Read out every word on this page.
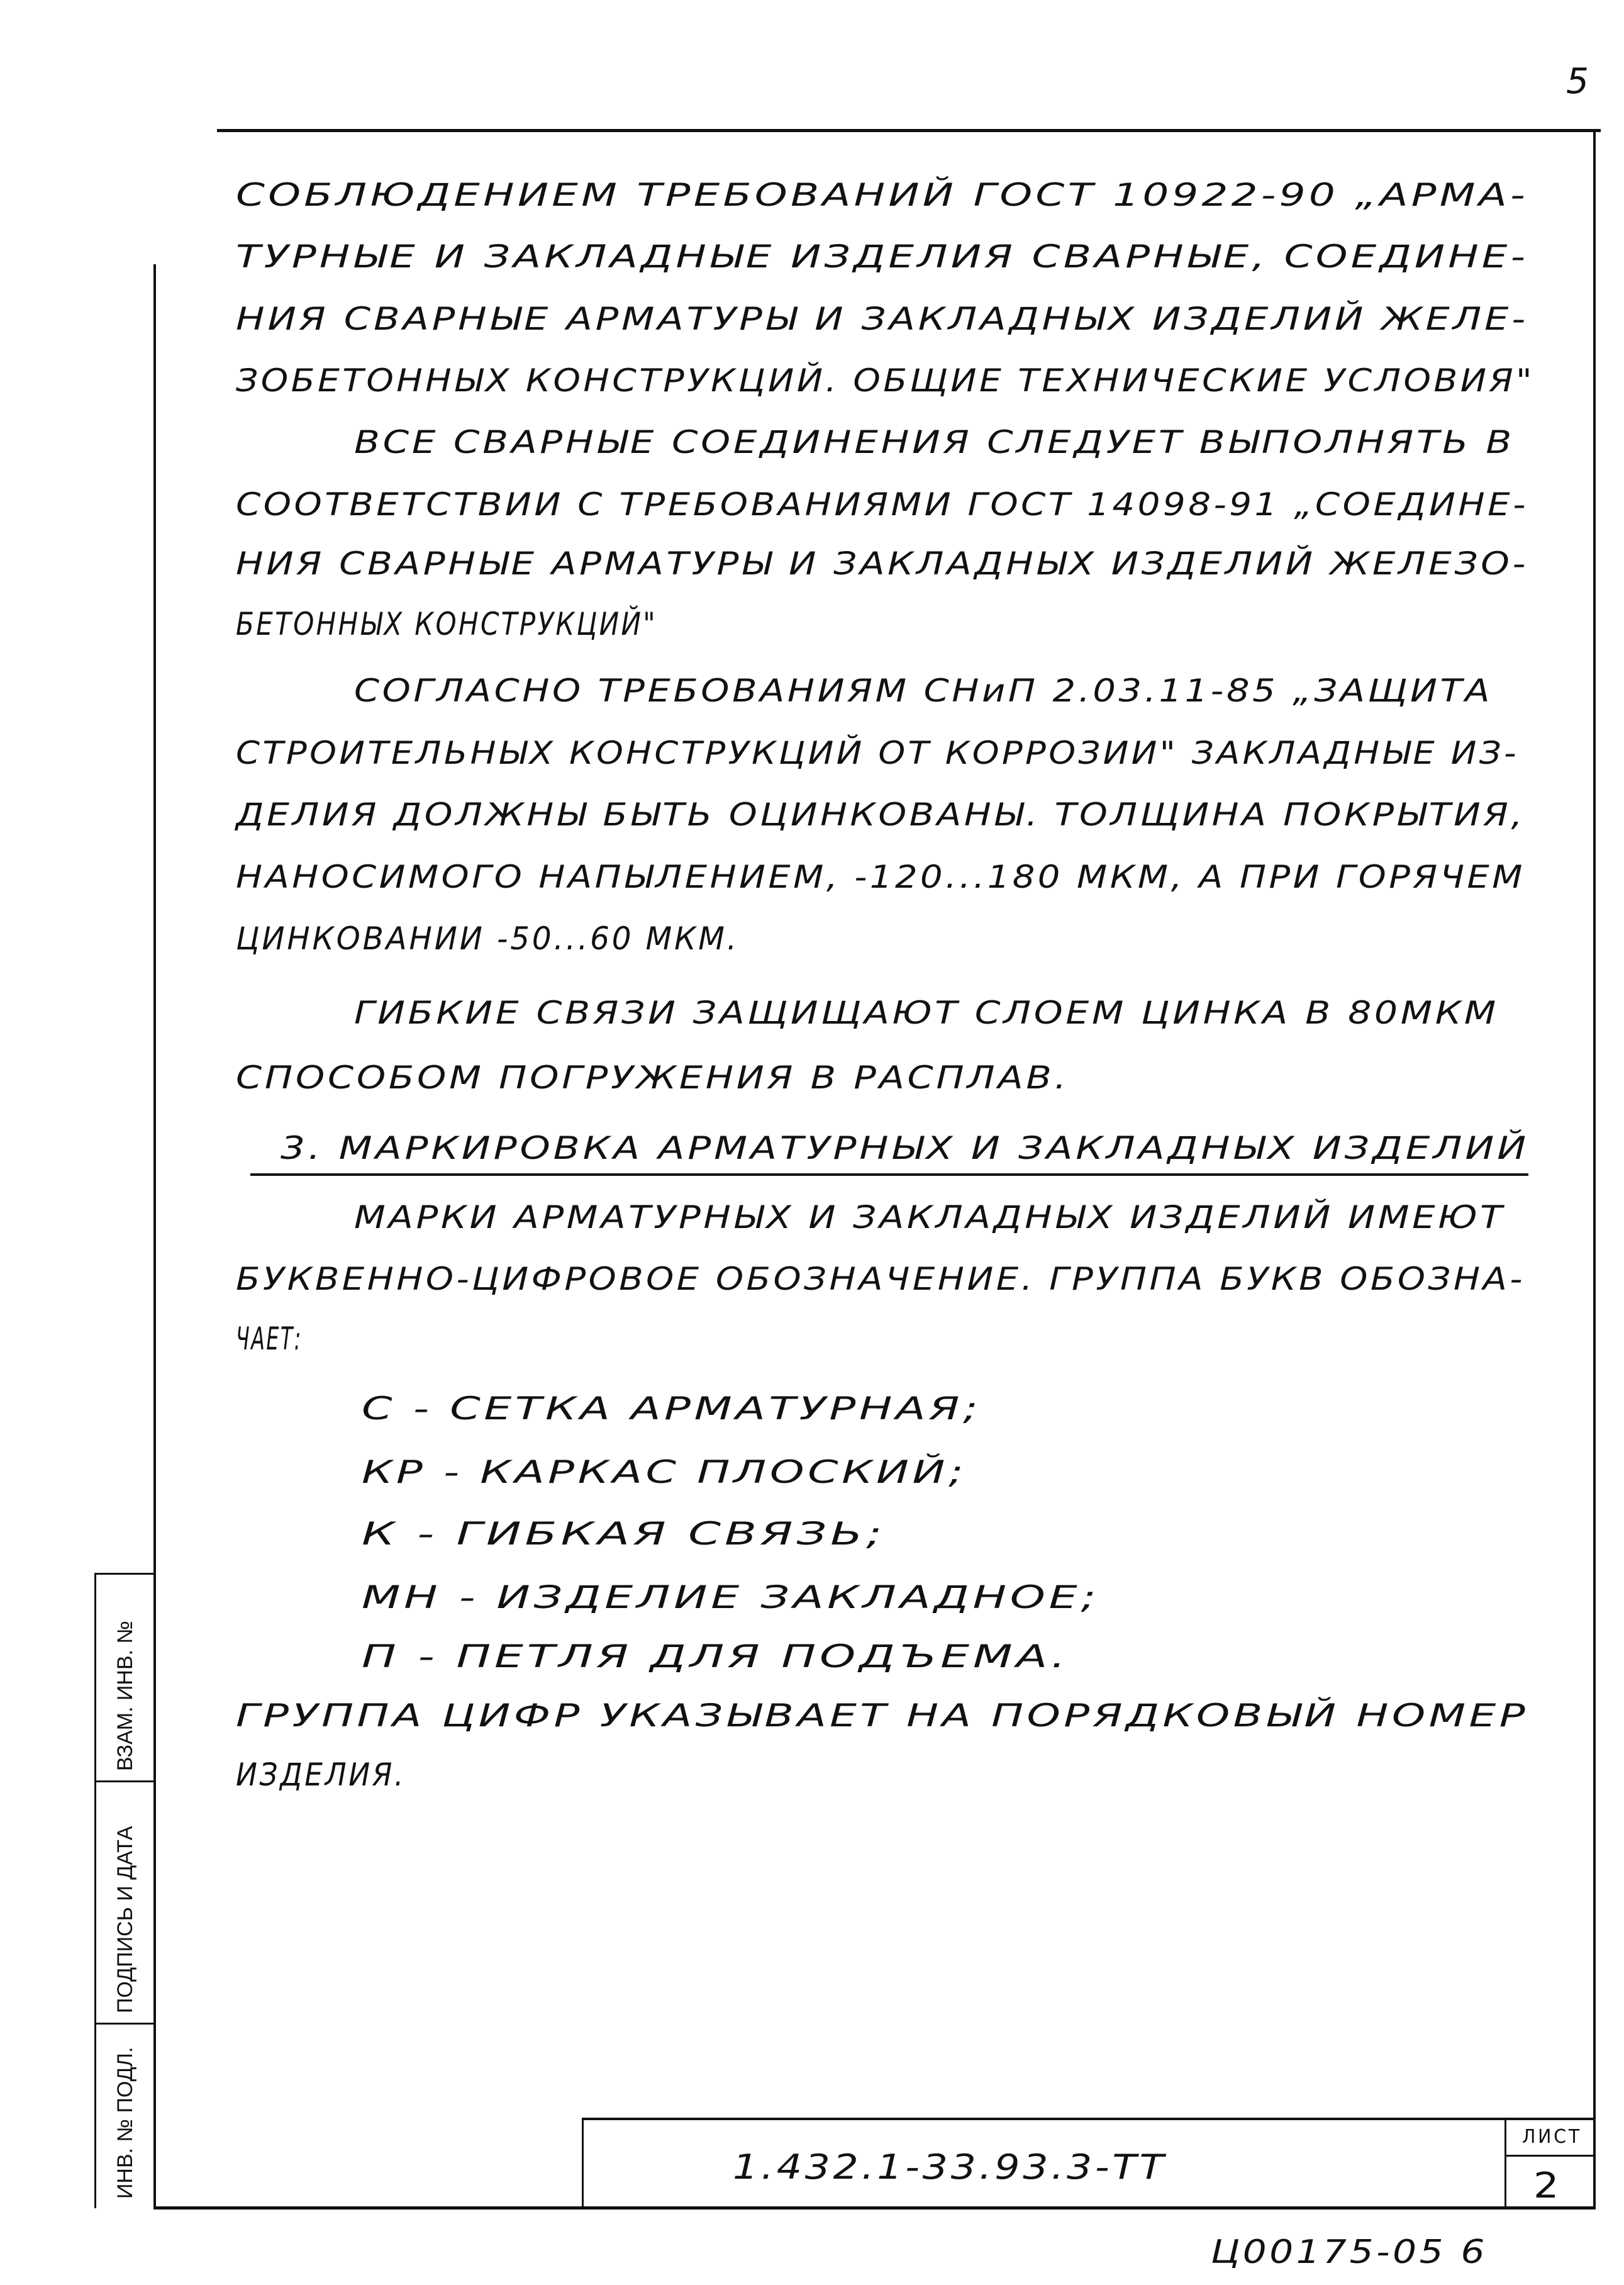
5
СОБЛЮДЕНИЕМ ТРЕБОВАНИЙ ГОСТ 10922-90 „АРМА-
ТУРНЫЕ И ЗАКЛАДНЫЕ ИЗДЕЛИЯ СВАРНЫЕ, СОЕДИНЕ-
НИЯ СВАРНЫЕ АРМАТУРЫ И ЗАКЛАДНЫХ ИЗДЕЛИЙ ЖЕЛЕ-
ЗОБЕТОННЫХ КОНСТРУКЦИЙ. ОБЩИЕ ТЕХНИЧЕСКИЕ УСЛОВИЯ"
ВСЕ СВАРНЫЕ СОЕДИНЕНИЯ СЛЕДУЕТ ВЫПОЛНЯТЬ В
СООТВЕТСТВИИ С ТРЕБОВАНИЯМИ ГОСТ 14098-91 „СОЕДИНЕ-
НИЯ СВАРНЫЕ АРМАТУРЫ И ЗАКЛАДНЫХ ИЗДЕЛИЙ ЖЕЛЕЗО-
БЕТОННЫХ КОНСТРУКЦИЙ"
СОГЛАСНО ТРЕБОВАНИЯМ СНиП 2.03.11-85 „ЗАЩИТА
СТРОИТЕЛЬНЫХ КОНСТРУКЦИЙ ОТ КОРРОЗИИ" ЗАКЛАДНЫЕ ИЗ-
ДЕЛИЯ ДОЛЖНЫ БЫТЬ ОЦИНКОВАНЫ. ТОЛЩИНА ПОКРЫТИЯ,
НАНОСИМОГО НАПЫЛЕНИЕМ, -120...180 МКМ, А ПРИ ГОРЯЧЕМ
ЦИНКОВАНИИ -50...60 МКМ.
ГИБКИЕ СВЯЗИ ЗАЩИЩАЮТ СЛОЕМ ЦИНКА В 80МКМ
СПОСОБОМ ПОГРУЖЕНИЯ В РАСПЛАВ.
3. МАРКИРОВКА АРМАТУРНЫХ И ЗАКЛАДНЫХ ИЗДЕЛИЙ
МАРКИ АРМАТУРНЫХ И ЗАКЛАДНЫХ ИЗДЕЛИЙ ИМЕЮТ
БУКВЕННО-ЦИФРОВОЕ ОБОЗНАЧЕНИЕ. ГРУППА БУКВ ОБОЗНА-
ЧАЕТ:
С - СЕТКА АРМАТУРНАЯ;
КР - КАРКАС ПЛОСКИЙ;
К - ГИБКАЯ СВЯЗЬ;
МН - ИЗДЕЛИЕ ЗАКЛАДНОЕ;
П - ПЕТЛЯ ДЛЯ ПОДЪЕМА.
ГРУППА ЦИФР УКАЗЫВАЕТ НА ПОРЯДКОВЫЙ НОМЕР
ИЗДЕЛИЯ.
ВЗАМ. ИНВ. №
ПОДПИСЬ И ДАТА
ИНВ. № ПОДЛ.	1.432.1-33.93.3-ТТ
ЛИСТ
2
Ц00175-05 6
